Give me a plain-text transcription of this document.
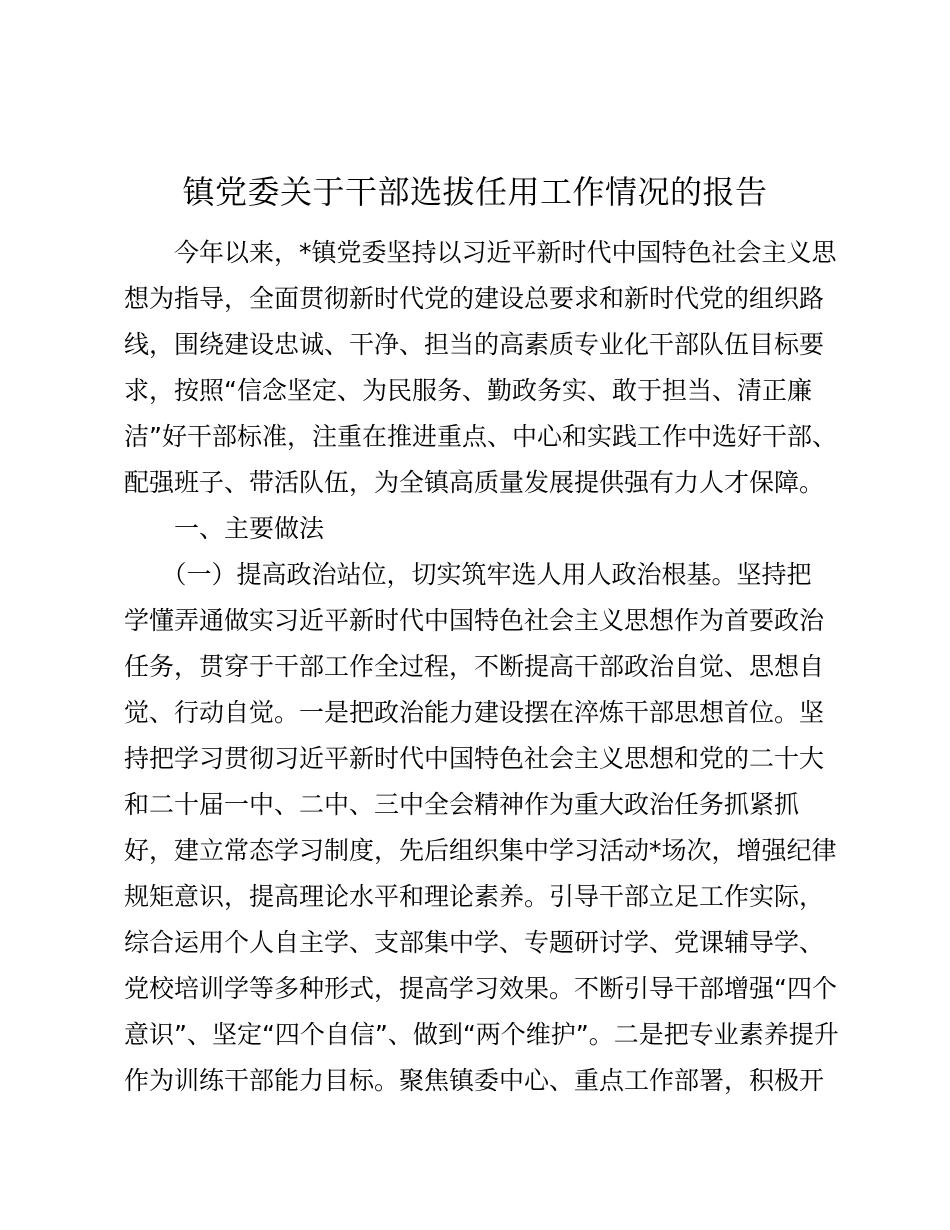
镇党委关于干部选拔任用工作情况的报告
　　今年以来，*镇党委坚持以习近平新时代中国特色社会主义思
想为指导，全面贯彻新时代党的建设总要求和新时代党的组织路
线，围绕建设忠诚、干净、担当的高素质专业化干部队伍目标要
求，按照“信念坚定、为民服务、勤政务实、敢于担当、清正廉
洁”好干部标准，注重在推进重点、中心和实践工作中选好干部、
配强班子、带活队伍，为全镇高质量发展提供强有力人才保障。
　　一、主要做法
　　（一）提高政治站位，切实筑牢选人用人政治根基。坚持把
学懂弄通做实习近平新时代中国特色社会主义思想作为首要政治
任务，贯穿于干部工作全过程，不断提高干部政治自觉、思想自
觉、行动自觉。一是把政治能力建设摆在淬炼干部思想首位。坚
持把学习贯彻习近平新时代中国特色社会主义思想和党的二十大
和二十届一中、二中、三中全会精神作为重大政治任务抓紧抓
好，建立常态学习制度，先后组织集中学习活动*场次，增强纪律
规矩意识，提高理论水平和理论素养。引导干部立足工作实际，
综合运用个人自主学、支部集中学、专题研讨学、党课辅导学、
党校培训学等多种形式，提高学习效果。不断引导干部增强“四个
意识”、坚定“四个自信”、做到“两个维护”。二是把专业素养提升
作为训练干部能力目标。聚焦镇委中心、重点工作部署，积极开
